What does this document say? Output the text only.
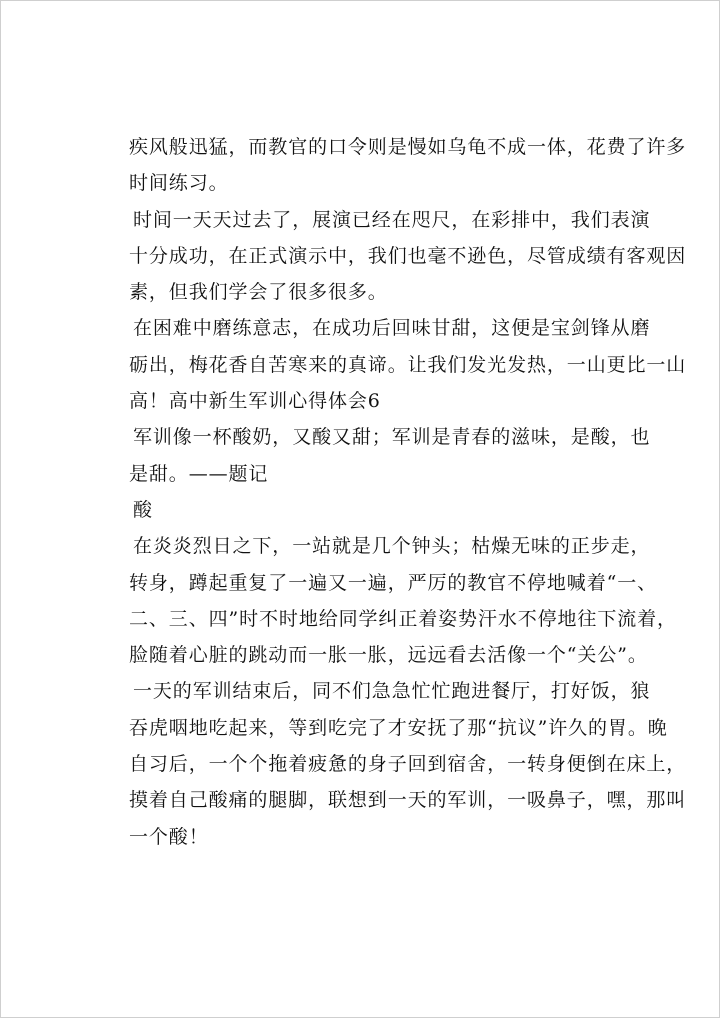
疾风般迅猛，而教官的口令则是慢如乌龟不成一体，花费了许多
时间练习。
时间一天天过去了，展演已经在咫尺，在彩排中，我们表演
十分成功，在正式演示中，我们也毫不逊色，尽管成绩有客观因
素，但我们学会了很多很多。
在困难中磨练意志，在成功后回味甘甜，这便是宝剑锋从磨
砺出，梅花香自苦寒来的真谛。让我们发光发热，一山更比一山
高！高中新生军训心得体会6
军训像一杯酸奶，又酸又甜；军训是青春的滋味，是酸，也
是甜。——题记
酸
在炎炎烈日之下，一站就是几个钟头；枯燥无味的正步走，
转身，蹲起重复了一遍又一遍，严厉的教官不停地喊着“一、
二、三、四”时不时地给同学纠正着姿势汗水不停地往下流着，
脸随着心脏的跳动而一胀一胀，远远看去活像一个“关公”。
一天的军训结束后，同不们急急忙忙跑进餐厅，打好饭，狼
吞虎咽地吃起来，等到吃完了才安抚了那“抗议”许久的胃。晚
自习后，一个个拖着疲惫的身子回到宿舍，一转身便倒在床上，
摸着自己酸痛的腿脚，联想到一天的军训，一吸鼻子，嘿，那叫
一个酸！
